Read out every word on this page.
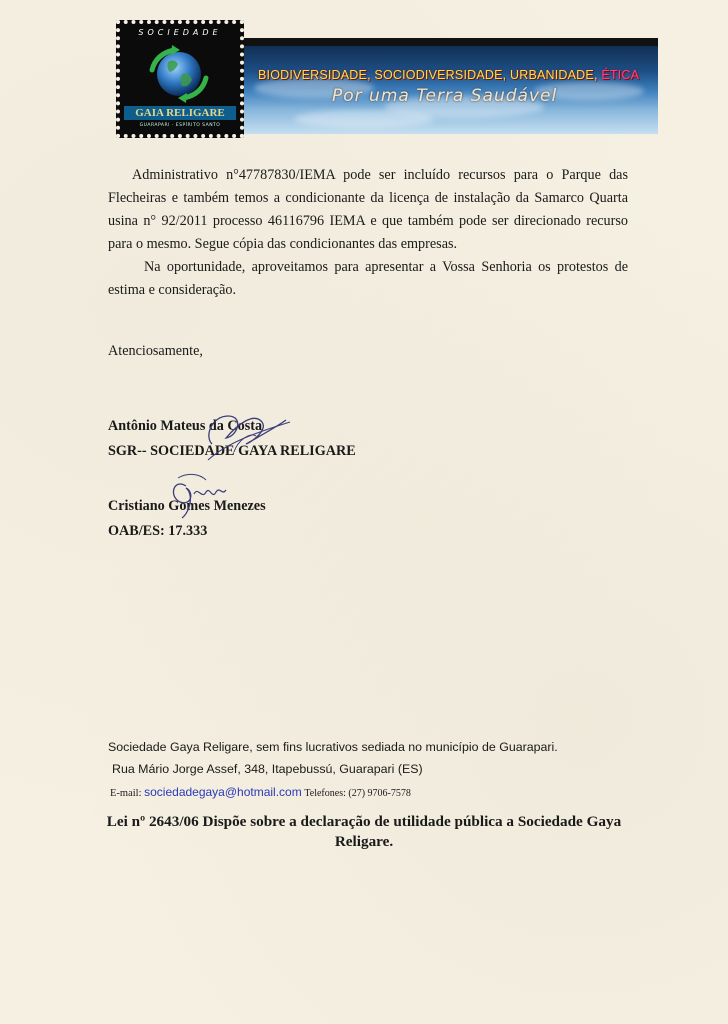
BIODIVERSIDADE, SOCIODIVERSIDADE, URBANIDADE, ÉTICA
Por uma Terra Saudável
SOCIEDADE
GAIA RELIGARE
GUARAPARI · ESPÍRITO SANTO

Administrativo n°47787830/IEMA pode ser incluído recursos para o Parque das Flecheiras e também temos a condicionante da licença de instalação da Samarco Quarta usina n° 92/2011 processo 46116796 IEMA e que também pode ser direcionado recurso para o mesmo. Segue cópia das condicionantes das empresas.

Na oportunidade, aproveitamos para apresentar a Vossa Senhoria os protestos de estima e consideração.

Atenciosamente,
Antônio Mateus da Costa
SGR-- SOCIEDADE GAYA RELIGARE
Cristiano Gomes Menezes
OAB/ES: 17.333
Sociedade Gaya Religare, sem fins lucrativos sediada no município de Guarapari.
Rua Mário Jorge Assef, 348, Itapebussú, Guarapari (ES)
E-mail: sociedadegaya@hotmail.com Telefones: (27) 9706-7578
Lei nº 2643/06 Dispõe sobre a declaração de utilidade pública a Sociedade Gaya Religare.
